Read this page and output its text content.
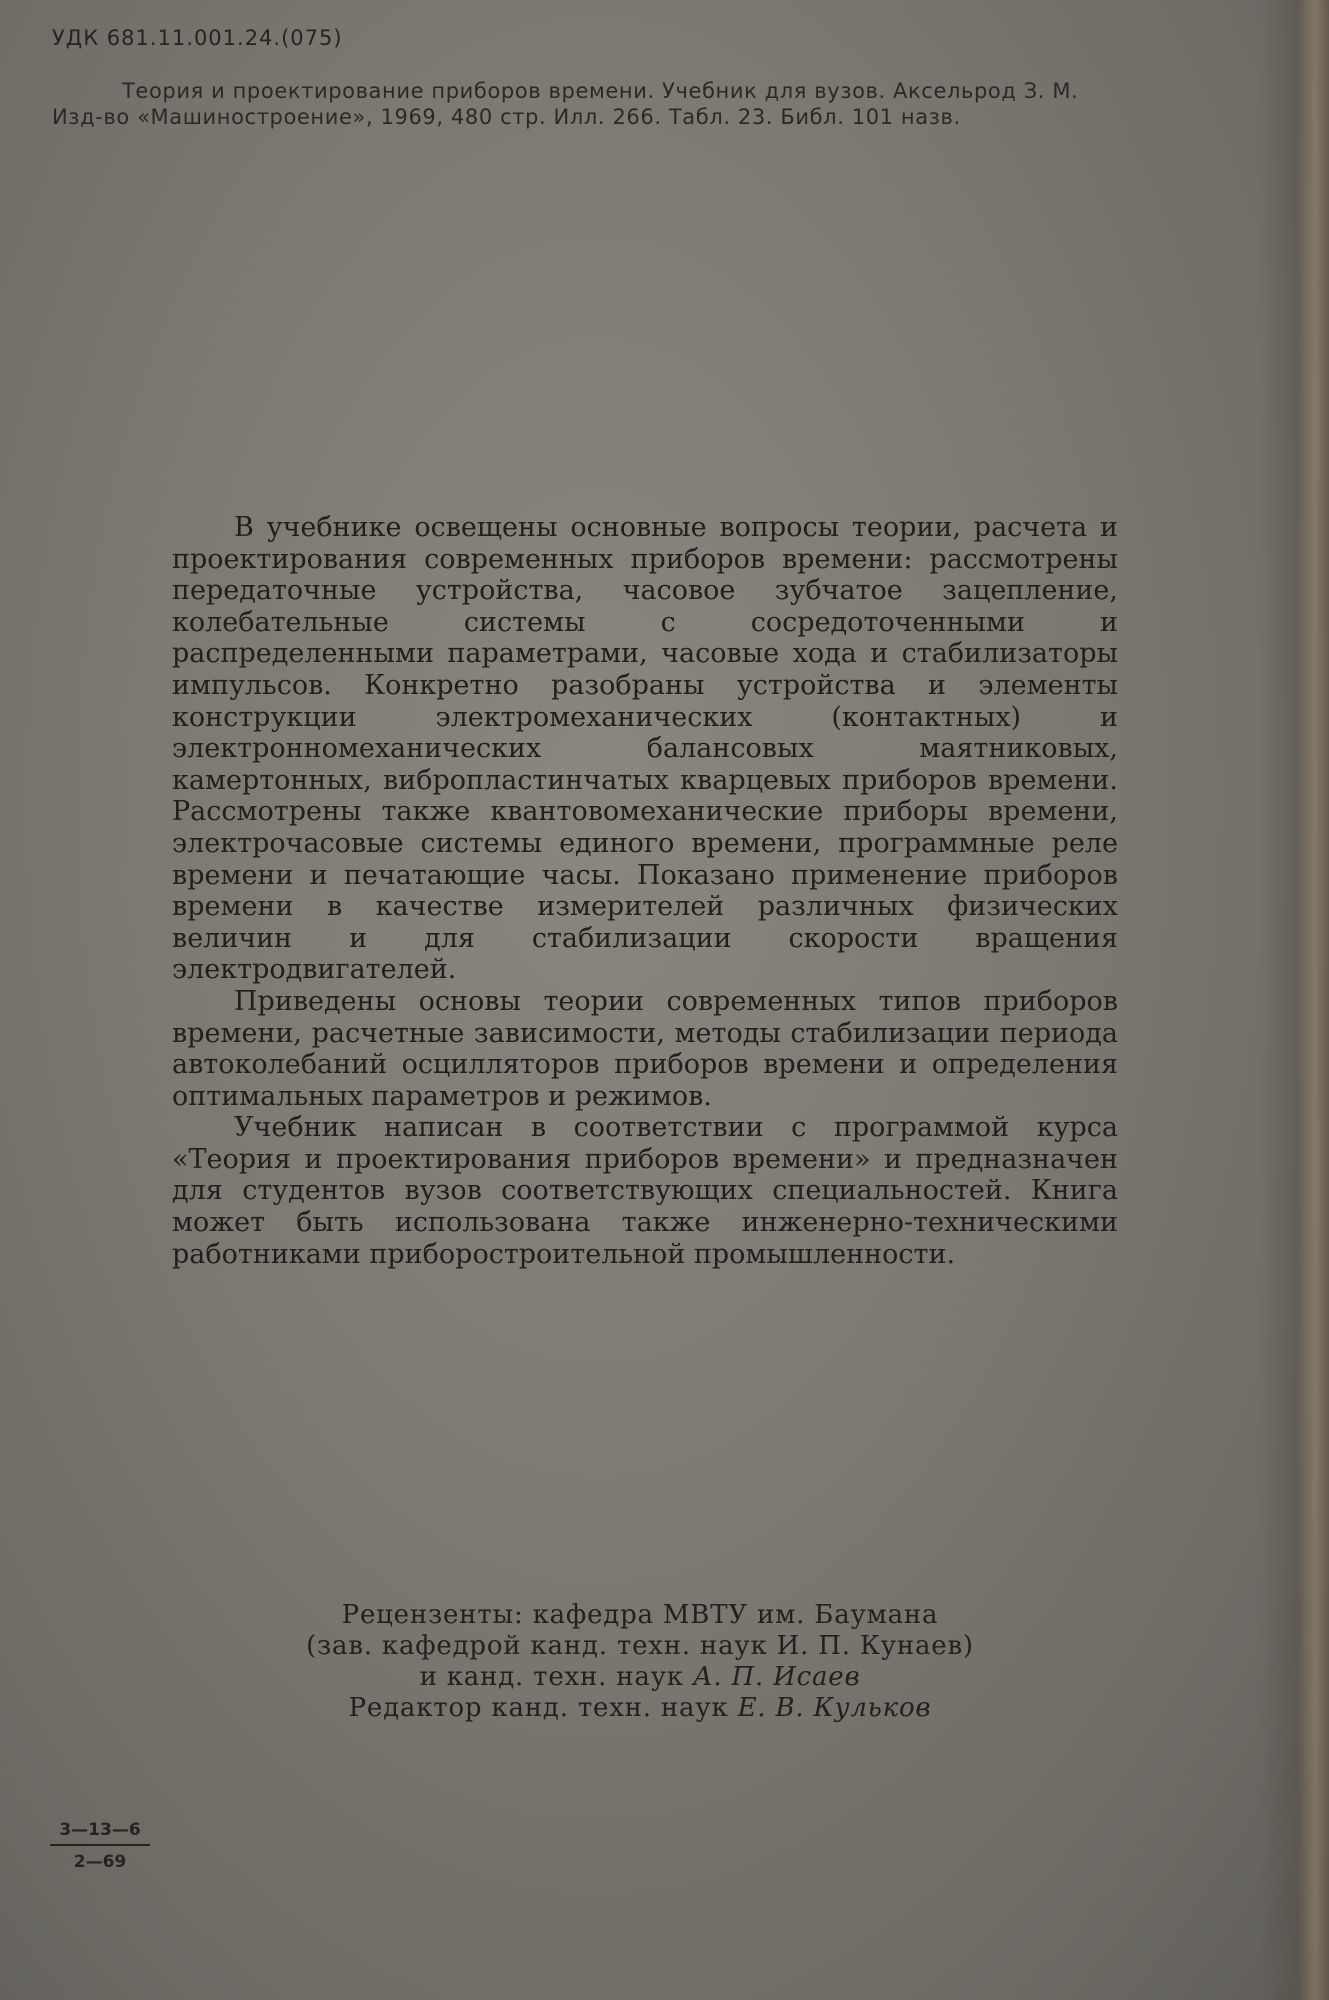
УДК 681.11.001.24.(075)
Теория и проектирование приборов времени. Учебник для вузов. Аксельрод З. М.
Изд-во «Машиностроение», 1969, 480 стр. Илл. 266. Табл. 23. Библ. 101 назв.

В учебнике освещены основные вопросы теории, расчета и проектирования современных приборов времени: рассмотрены передаточные устройства, часовое зубчатое зацепление, колебательные системы с сосредоточенными и распределенными параметрами, часовые хода и стабилизаторы импульсов. Конкретно разобраны устройства и элементы конструкции электромеханических (контактных) и электронномеханических балансовых маятниковых, камертонных, вибропластинчатых кварцевых приборов времени. Рассмотрены также квантовомеханические приборы времени, электрочасовые системы единого времени, программные реле времени и печатающие часы. Показано применение приборов времени в качестве измерителей различных физических величин и для стабилизации скорости вращения электродвигателей.

Приведены основы теории современных типов приборов времени, расчетные зависимости, методы стабилизации периода автоколебаний осцилляторов приборов времени и определения оптимальных параметров и режимов.

Учебник написан в соответствии с программой курса «Теория и проектирования приборов времени» и предназначен для студентов вузов соответствующих специальностей. Книга может быть использована также инженерно-техническими работниками приборостроительной промышленности.

Рецензенты: кафедра МВТУ им. Баумана
(зав. кафедрой канд. техн. наук И. П. Кунаев)
и канд. техн. наук А. П. Исаев
Редактор канд. техн. наук Е. В. Кульков
$\frac{3—13—6}{2—69}$
